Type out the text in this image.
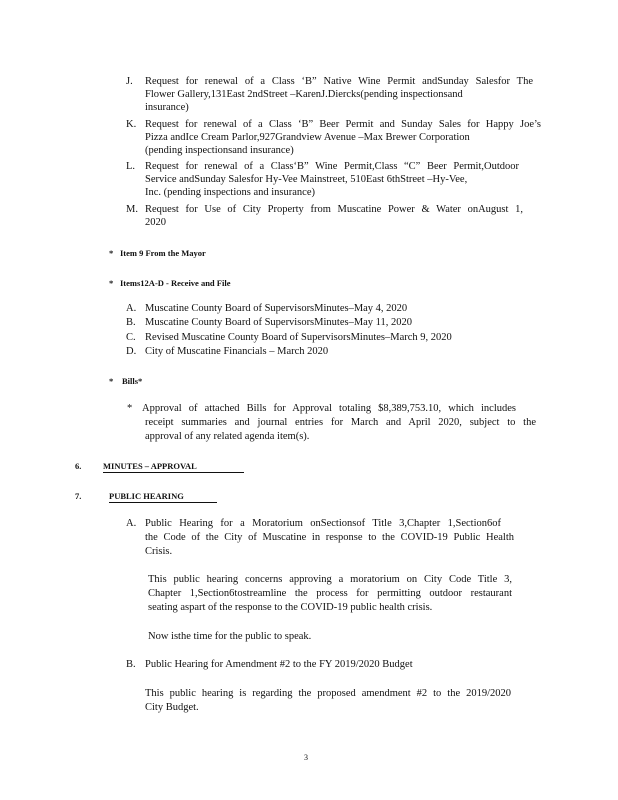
J. Request for renewal of a Class ‘B” Native Wine Permit andSunday Salesfor The
Flower Gallery,131East 2ndStreet –KarenJ.Diercks(pending inspectionsand
insurance)
K. Request for renewal of a Class ‘B” Beer Permit and Sunday Sales for Happy Joe’s
Pizza andIce Cream Parlor,927Grandview Avenue –Max Brewer Corporation
(pending inspectionsand insurance)
L. Request for renewal of a Class‘B” Wine Permit,Class “C” Beer Permit,Outdoor
Service andSunday Salesfor Hy-Vee Mainstreet, 510East 6thStreet –Hy-Vee,
Inc. (pending inspections and insurance)
M. Request for Use of City Property from Muscatine Power & Water onAugust 1,
2020
* Item 9 From the Mayor
* Items12A-D - Receive and File
A. Muscatine County Board of SupervisorsMinutes–May 4, 2020
B. Muscatine County Board of SupervisorsMinutes–May 11, 2020
C. Revised Muscatine County Board of SupervisorsMinutes–March 9, 2020
D. City of Muscatine Financials – March 2020
* Bills*
* Approval of attached Bills for Approval totaling $8,389,753.10, which includes
receipt summaries and journal entries for March and April 2020, subject to the
approval of any related agenda item(s).
6.	MINUTES – APPROVAL
7.	PUBLIC HEARING
A. Public Hearing for a Moratorium onSectionsof Title 3,Chapter 1,Section6of
the Code of the City of Muscatine in response to the COVID-19 Public Health
Crisis.
This public hearing concerns approving a moratorium on City Code Title 3,
Chapter 1,Section6tostreamline the process for permitting outdoor restaurant
seating aspart of the response to the COVID-19 public health crisis.
Now isthe time for the public to speak.
B. Public Hearing for Amendment #2 to the FY 2019/2020 Budget
This public hearing is regarding the proposed amendment #2 to the 2019/2020
City Budget.
3
